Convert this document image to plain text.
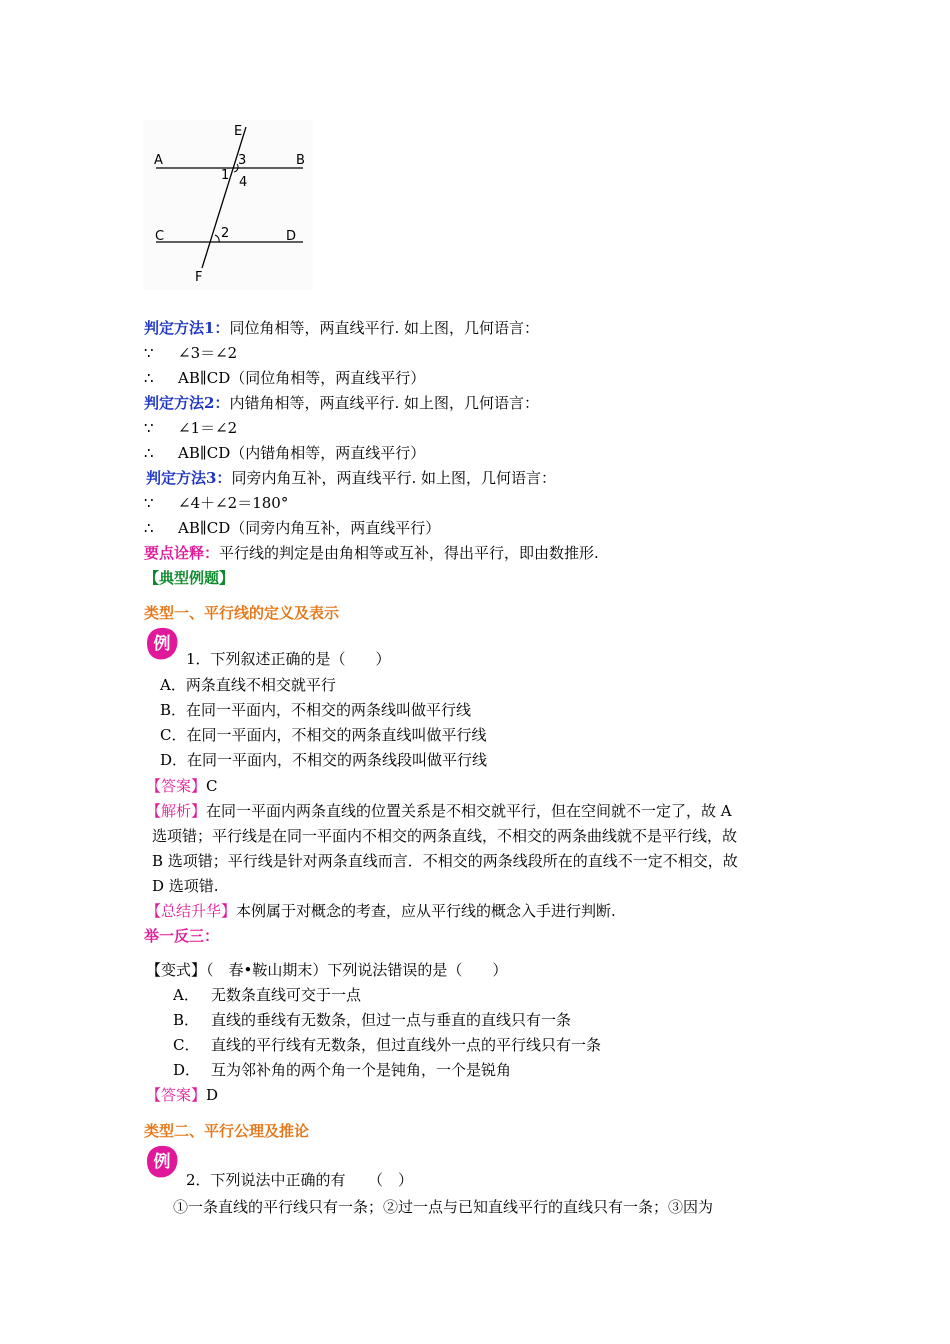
E
A	B
3
1 4
C	2	D
F
判定方法1：同位角相等，两直线平行. 如上图，几何语言：
∵ ∠3＝∠2
∴ AB∥CD（同位角相等，两直线平行）
判定方法2：内错角相等，两直线平行. 如上图，几何语言：
∵ ∠1＝∠2
∴ AB∥CD（内错角相等，两直线平行）
判定方法3：同旁内角互补，两直线平行. 如上图，几何语言：
∵ ∠4＋∠2＝180°
∴ AB∥CD（同旁内角互补，两直线平行）
要点诠释：平行线的判定是由角相等或互补，得出平行，即由数推形.
【典型例题】
类型一、平行线的定义及表示
例
1．下列叙述正确的是（　　）
A．两条直线不相交就平行
B．在同一平面内，不相交的两条线叫做平行线
C．在同一平面内，不相交的两条直线叫做平行线
D．在同一平面内，不相交的两条线段叫做平行线
【答案】C
【解析】在同一平面内两条直线的位置关系是不相交就平行，但在空间就不一定了，故 A
选项错；平行线是在同一平面内不相交的两条直线，不相交的两条曲线就不是平行线，故
B 选项错；平行线是针对两条直线而言．不相交的两条线段所在的直线不一定不相交，故
D 选项错.
【总结升华】本例属于对概念的考查，应从平行线的概念入手进行判断.
举一反三：
【变式】（　春•鞍山期末）下列说法错误的是（　　）
A． 无数条直线可交于一点
B． 直线的垂线有无数条，但过一点与垂直的直线只有一条
C． 直线的平行线有无数条，但过直线外一点的平行线只有一条
D． 互为邻补角的两个角一个是钝角，一个是锐角
【答案】D
类型二、平行公理及推论
例
2．下列说法中正确的有　　（　）
①一条直线的平行线只有一条；②过一点与已知直线平行的直线只有一条；③因为
